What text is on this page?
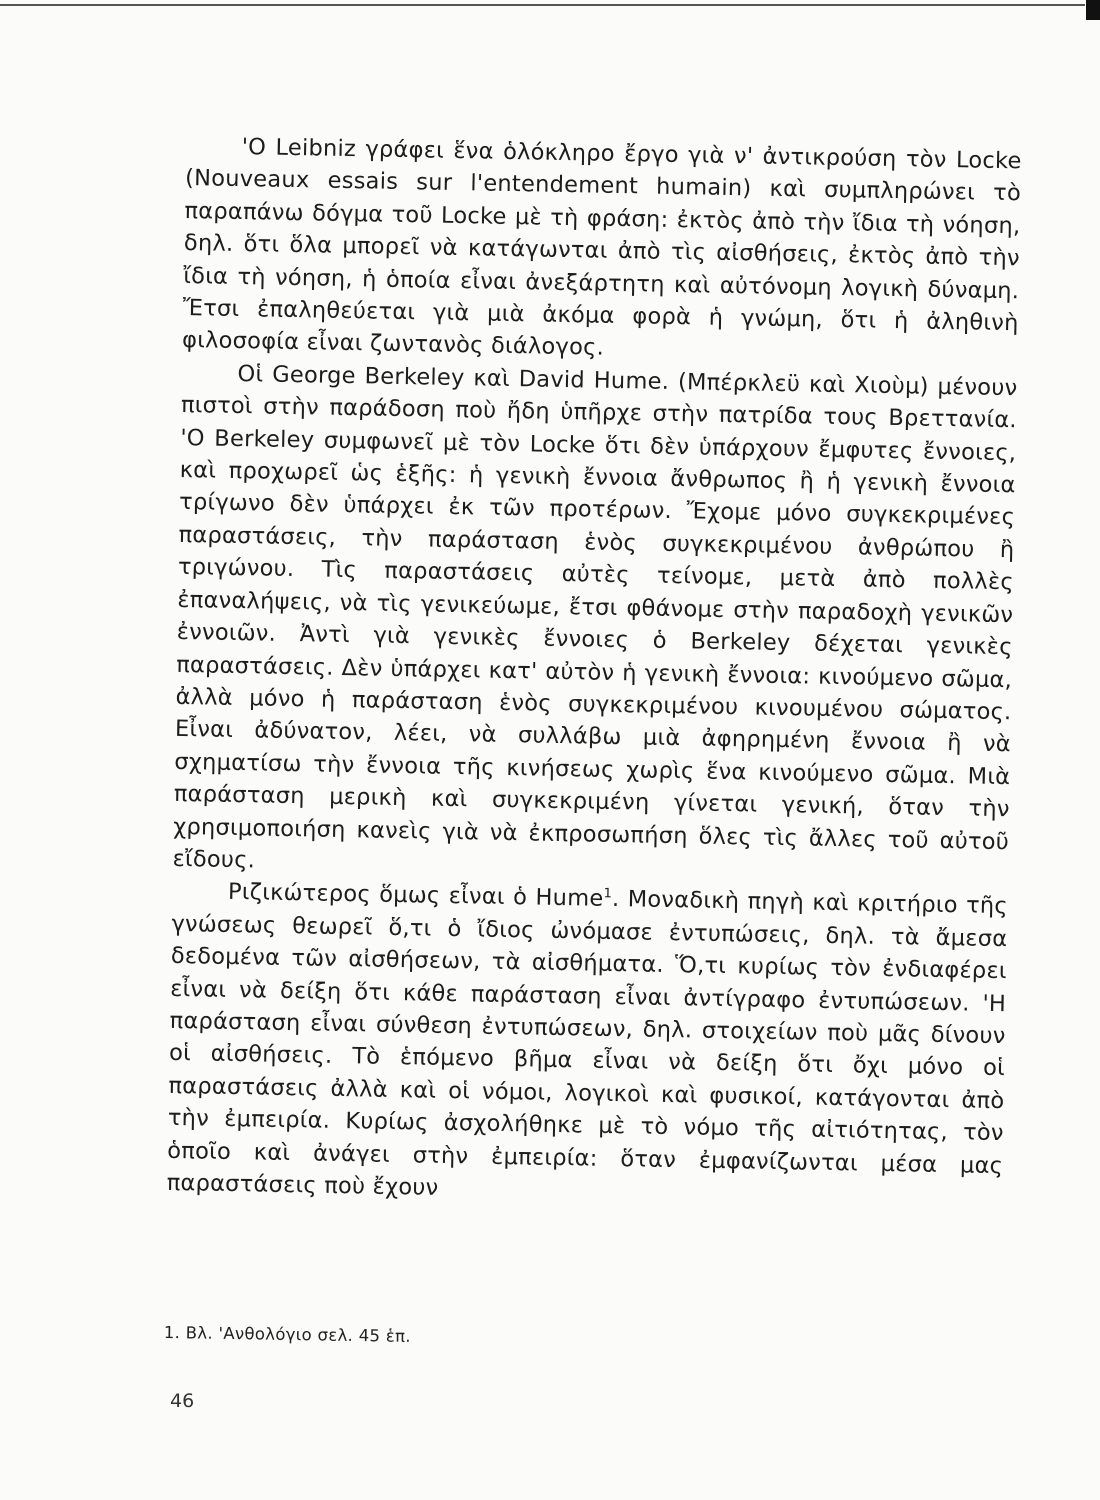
'Ο Leibniz γράφει ἕνα ὁλόκληρο ἔργο γιὰ ν' ἀντικρούση τὸν Locke (Nouveaux essais sur l'entendement humain) καὶ συμπληρώνει τὸ παραπάνω δόγμα τοῦ Locke μὲ τὴ φράση: ἐκτὸς ἀπὸ τὴν ἴδια τὴ νόηση, δηλ. ὅτι ὅλα μπορεῖ νὰ κατάγωνται ἀπὸ τὶς αἰσθήσεις, ἐκτὸς ἀπὸ τὴν ἴδια τὴ νόηση, ἡ ὁποία εἶναι ἀνεξάρτητη καὶ αὐτόνομη λογικὴ δύναμη. Ἔτσι ἐπαληθεύεται γιὰ μιὰ ἀκόμα φορὰ ἡ γνώμη, ὅτι ἡ ἀληθινὴ φιλοσοφία εἶναι ζωντανὸς διάλογος.

Οἱ George Berkeley καὶ David Hume. (Μπέρκλεϋ καὶ Χιοὺμ) μένουν πιστοὶ στὴν παράδοση ποὺ ἤδη ὑπῆρχε στὴν πατρίδα τους Βρεττανία. 'Ο Berkeley συμφωνεῖ μὲ τὸν Locke ὅτι δὲν ὑπάρχουν ἔμφυτες ἔννοιες, καὶ προχωρεῖ ὡς ἑξῆς: ἡ γενικὴ ἔννοια ἄνθρωπος ἢ ἡ γενικὴ ἔννοια τρίγωνο δὲν ὑπάρχει ἐκ τῶν προτέρων. Ἔχομε μόνο συγκεκριμένες παραστάσεις, τὴν παράσταση ἑνὸς συγκεκριμένου ἀνθρώπου ἢ τριγώνου. Τὶς παραστάσεις αὐτὲς τείνομε, μετὰ ἀπὸ πολλὲς ἐπαναλήψεις, νὰ τὶς γενικεύωμε, ἔτσι φθάνομε στὴν παραδοχὴ γενικῶν ἐννοιῶν. Ἀντὶ γιὰ γενικὲς ἔννοιες ὁ Berkeley δέχεται γενικὲς παραστάσεις. Δὲν ὑπάρχει κατ' αὐτὸν ἡ γενικὴ ἔννοια: κινούμενο σῶμα, ἀλλὰ μόνο ἡ παράσταση ἑνὸς συγκεκριμένου κινουμένου σώματος. Εἶναι ἀδύνατον, λέει, νὰ συλλάβω μιὰ ἀφηρημένη ἔννοια ἢ νὰ σχηματίσω τὴν ἔννοια τῆς κινήσεως χωρὶς ἕνα κινούμενο σῶμα. Μιὰ παράσταση μερικὴ καὶ συγκεκριμένη γίνεται γενική, ὅταν τὴν χρησιμοποιήση κανεὶς γιὰ νὰ ἐκπροσωπήση ὅλες τὶς ἄλλες τοῦ αὐτοῦ εἴδους.

Ριζικώτερος ὅμως εἶναι ὁ Hume$^1$. Μοναδικὴ πηγὴ καὶ κριτήριο τῆς γνώσεως θεωρεῖ ὅ,τι ὁ ἴδιος ὠνόμασε ἐντυπώσεις, δηλ. τὰ ἄμεσα δεδομένα τῶν αἰσθήσεων, τὰ αἰσθήματα. Ὅ,τι κυρίως τὸν ἐνδιαφέρει εἶναι νὰ δείξη ὅτι κάθε παράσταση εἶναι ἀντίγραφο ἐντυπώσεων. 'Η παράσταση εἶναι σύνθεση ἐντυπώσεων, δηλ. στοιχείων ποὺ μᾶς δίνουν οἱ αἰσθήσεις. Τὸ ἑπόμενο βῆμα εἶναι νὰ δείξη ὅτι ὄχι μόνο οἱ παραστάσεις ἀλλὰ καὶ οἱ νόμοι, λογικοὶ καὶ φυσικοί, κατάγονται ἀπὸ τὴν ἐμπειρία. Κυρίως ἀσχολήθηκε μὲ τὸ νόμο τῆς αἰτιότητας, τὸν ὁποῖο καὶ ἀνάγει στὴν ἐμπειρία: ὅταν ἐμφανίζωνται μέσα μας παραστάσεις ποὺ ἔχουν

1. Βλ. 'Ανθολόγιο σελ. 45 ἑπ.
46
